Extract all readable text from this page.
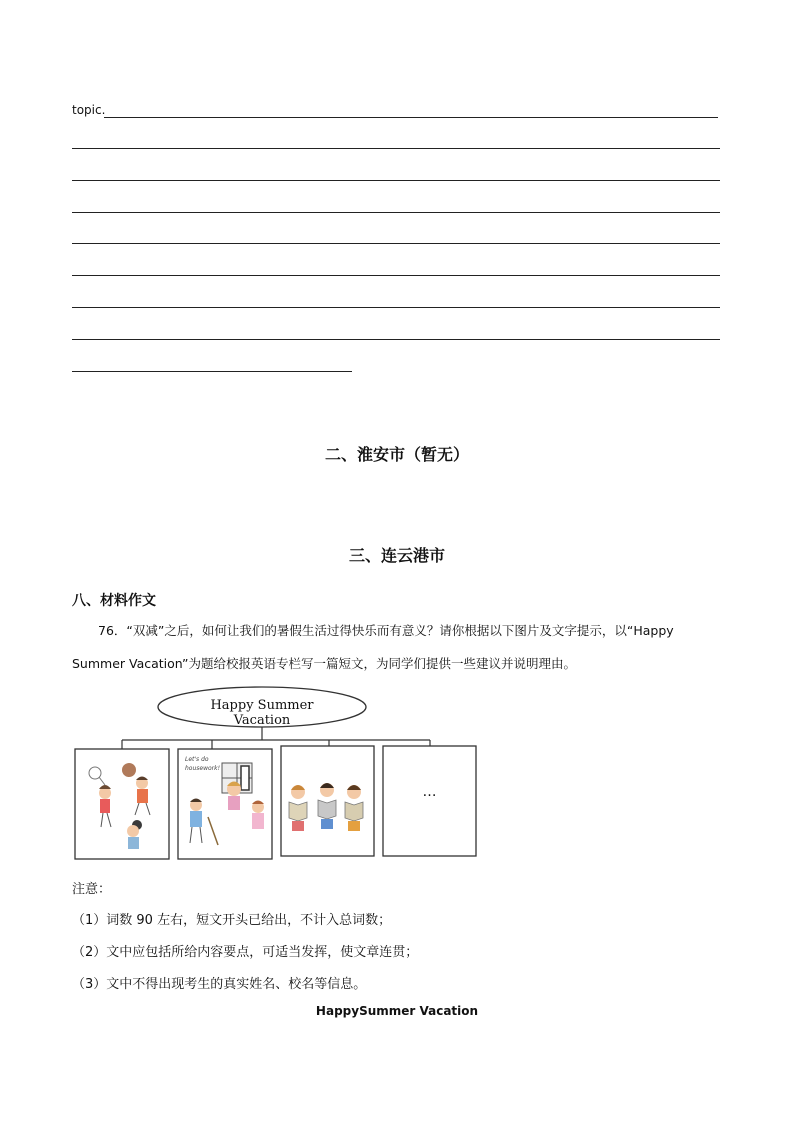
topic.
二、淮安市（暂无）
三、连云港市
八、材料作文
76．“双减”之后，如何让我们的暑假生活过得快乐而有意义？请你根据以下图片及文字提示，以“Happy
Summer Vacation”为题给校报英语专栏写一篇短文，为同学们提供一些建议并说明理由。
Let's do
housework!
Happy Summer Vacation
…
注意：
（1）词数 90 左右，短文开头已给出，不计入总词数；
（2）文中应包括所给内容要点，可适当发挥，使文章连贯；
（3）文中不得出现考生的真实姓名、校名等信息。
HappySummer Vacation
